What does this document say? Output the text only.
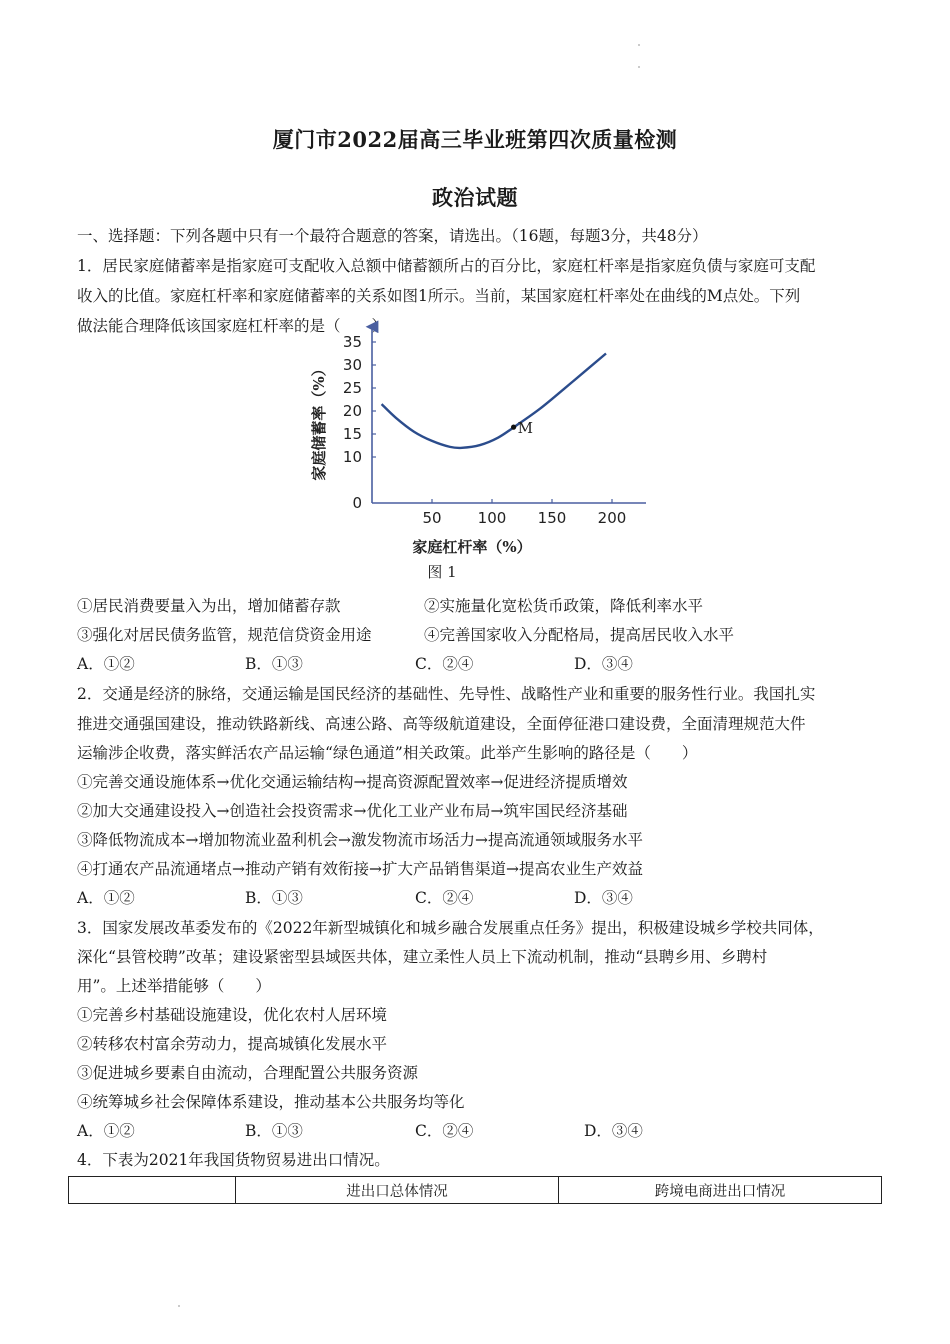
厦门市2022届高三毕业班第四次质量检测
政治试题
一、选择题：下列各题中只有一个最符合题意的答案，请选出。（16题，每题3分，共48分）
1．居民家庭储蓄率是指家庭可支配收入总额中储蓄额所占的百分比，家庭杠杆率是指家庭负债与家庭可支配
收入的比值。家庭杠杆率和家庭储蓄率的关系如图1所示。当前，某国家庭杠杆率处在曲线的M点处。下列
做法能合理降低该国家庭杠杆率的是（　　）
50 100 150 200
0
10
15
20
25
30
35
M
家庭杠杆率（%）
家庭储蓄率（%）
图 1
①居民消费要量入为出，增加储蓄存款	②实施量化宽松货币政策，降低利率水平
③强化对居民债务监管，规范信贷资金用途	④完善国家收入分配格局，提高居民收入水平
A．①②	B．①③	C．②④	D．③④
2．交通是经济的脉络，交通运输是国民经济的基础性、先导性、战略性产业和重要的服务性行业。我国扎实
推进交通强国建设，推动铁路新线、高速公路、高等级航道建设，全面停征港口建设费，全面清理规范大件
运输涉企收费，落实鲜活农产品运输“绿色通道”相关政策。此举产生影响的路径是（　　）
①完善交通设施体系→优化交通运输结构→提高资源配置效率→促进经济提质增效
②加大交通建设投入→创造社会投资需求→优化工业产业布局→筑牢国民经济基础
③降低物流成本→增加物流业盈利机会→激发物流市场活力→提高流通领域服务水平
④打通农产品流通堵点→推动产销有效衔接→扩大产品销售渠道→提高农业生产效益
A．①②	B．①③	C．②④	D．③④
3．国家发展改革委发布的《2022年新型城镇化和城乡融合发展重点任务》提出，积极建设城乡学校共同体，
深化“县管校聘”改革；建设紧密型县域医共体，建立柔性人员上下流动机制，推动“县聘乡用、乡聘村
用”。上述举措能够（　　）
①完善乡村基础设施建设，优化农村人居环境
②转移农村富余劳动力，提高城镇化发展水平
③促进城乡要素自由流动，合理配置公共服务资源
④统筹城乡社会保障体系建设，推动基本公共服务均等化
A．①②	B．①③	C．②④	D．③④
4．下表为2021年我国货物贸易进出口情况。
进出口总体情况	跨境电商进出口情况
